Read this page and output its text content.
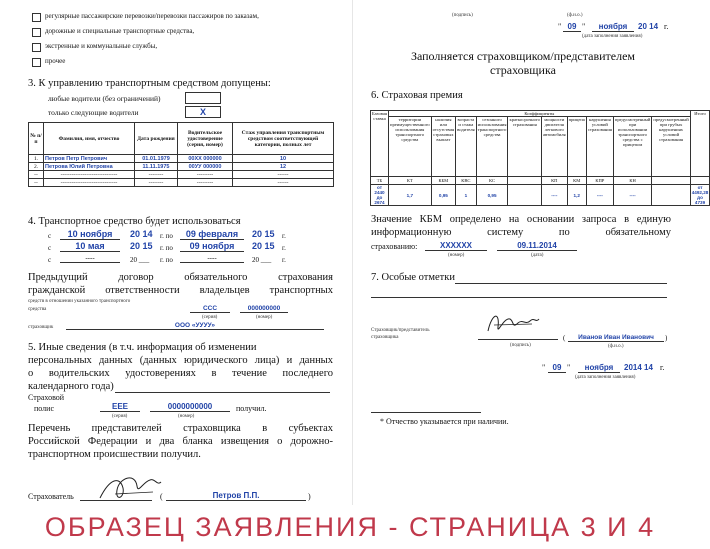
регулярные пассажирские перевозки/перевозки пассажиров по заказам,
дорожные и специальные транспортные средства,
экстренные и коммунальные службы,
прочее
3. К управлению транспортным средством допущены:
любые водители (без ограничений)
только следующие водители	Х
№ п/п	Фамилия, имя, отчество	Дата рождения	Водительское удостоверение (серия, номер)	Стаж управления транспортным средством соответствующей категории, полных лет
1.	Петров Петр Петрович	01.01.1979	00ХХ 000000	10
2.	Петрова Юлий Петровна	11.11.1975	00УУ 000000	12
--	-------------------------------	--------	---------	------
--	-------------------------------	--------	---------	------
4. Транспортное средство будет использоваться
с	10 ноября	20 14 г. по	09 февраля	20 15 г.
с	10 мая	20 15 г. по	09 ноября	20 15 г.
с	----	20 ___ г. по	----	20 ___ г.
Предыдущий договор обязательного страхования
гражданской ответственности владельцев транспортных
средств в отношении указанного транспортного
средства	ССС	000000000
(серия)	(номер)
страховщик	ООО «УУУУ»
5. Иные сведения (в т.ч. информация об изменении
персональных данных (данных юридического лица) и данных
о водительских удостоверениях в течение последнего
календарного года)
Страховой
полис	ЕЕЕ	0000000000	получил.
(серия)	(номер)
Перечень представителей страховщика в субъектах
Российской Федерации и два бланка извещения о дорожно-
транспортном происшествии получил.
Страхователь	(	Петров П.П.	)
(подпись)	(ф.и.о.)
" 09 "	ноября	20 14 г.
(дата заполнения заявления)
Заполняется страховщиком/представителем
страховщика
6. Страховая премия
Базовая ставка	Коэффициенты										Итого
	территории преимущественного использования транспортного средства	наличия или отсутствия страховых выплат	возраста и стажа водителя	сезонного использования транспортного средства	краткосрочного страхования	мощности двигателя легкового автомобиля	прицепа	нарушения условий страхования	предусмотренный при использовании транспортного средства с прицепом	предусмотренный при грубых нарушениях условий страхования	
ТБ	КТ	КБМ	КВС	КС		КП	КМ	КПР	КН		
от 2440 до 2674	1,7	0,95	1	0,95		----	1,2	----	----		от 4492,28 до 4739
Значение КБМ определено на основании запроса в единую
информационную систему по обязательному
страхованию:	XXXXXX	09.11.2014
(номер)	(дата)
7. Особые отметки
Страховщик/представитель
страховщика
(подпись)
(	Иванов Иван Иванович	)
(ф.и.о.)
" 09 "	ноября	2014 14 г.
(дата заполнения заявления)
* Отчество указывается при наличии.
ОБРАЗЕЦ ЗАЯВЛЕНИЯ - СТРАНИЦА 3 И 4
